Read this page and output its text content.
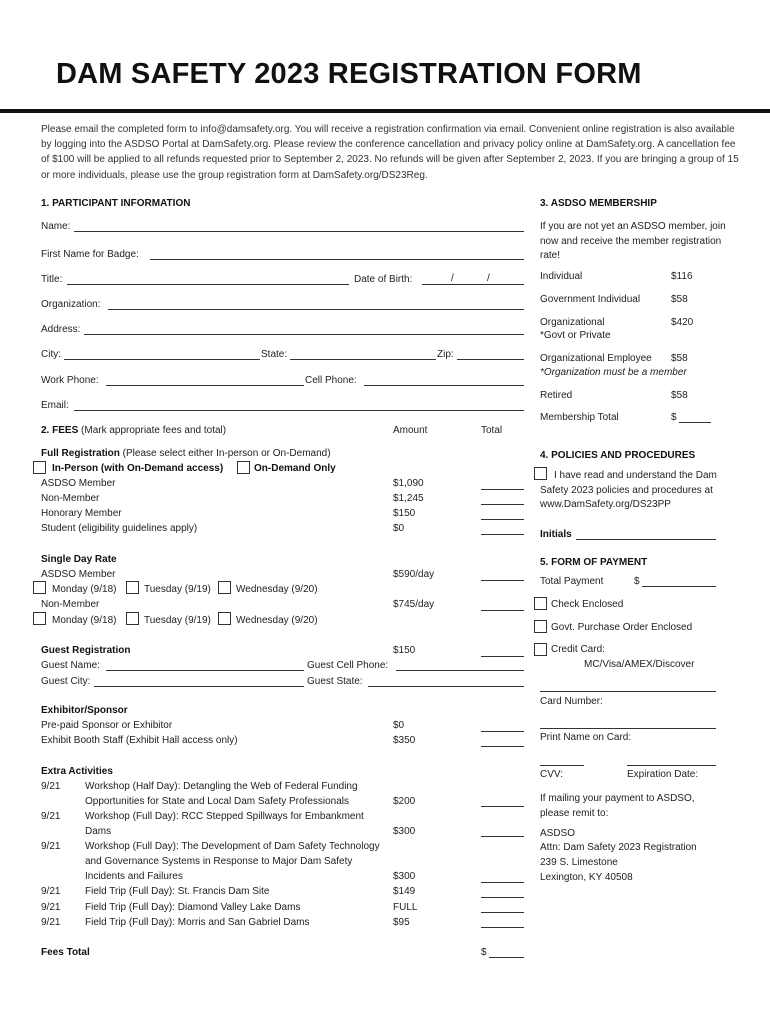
DAM SAFETY 2023 REGISTRATION FORM
Please email the completed form to info@damsafety.org. You will receive a registration confirmation via email. Convenient online registration is also available by logging into the ASDSO Portal at DamSafety.org. Please review the conference cancellation and privacy policy online at DamSafety.org. A cancellation fee of $100 will be applied to all refunds requested prior to September 2, 2023. No refunds will be given after September 2, 2023. If you are bringing a group of 15 or more individuals, please use the group registration form at DamSafety.org/DS23Reg.
1. PARTICIPANT INFORMATION
Name:
First Name for Badge:
Title:	Date of Birth:	/	/
Organization:
Address:
City:	State:	Zip:
Work Phone:	Cell Phone:
Email:
2. FEES (Mark appropriate fees and total)	Amount	Total
Full Registration (Please select either In-person or On-Demand)
In-Person (with On-Demand access)	On-Demand Only
ASDSO Member	$1,090
Non-Member	$1,245
Honorary Member	$150
Student (eligibility guidelines apply)	$0
Single Day Rate
ASDSO Member	$590/day
Monday (9/18)	Tuesday (9/19)	Wednesday (9/20)
Non-Member	$745/day
Monday (9/18)	Tuesday (9/19)	Wednesday (9/20)
Guest Registration	$150
Guest Name:	Guest Cell Phone:
Guest City:	Guest State:
Exhibitor/Sponsor
Pre-paid Sponsor or Exhibitor	$0
Exhibit Booth Staff (Exhibit Hall access only)	$350
Extra Activities
9/21 Workshop (Half Day): Detangling the Web of Federal Funding
Opportunities for State and Local Dam Safety Professionals	$200
9/21 Workshop (Full Day): RCC Stepped Spillways for Embankment
Dams	$300
9/21 Workshop (Full Day): The Development of Dam Safety Technology
and Governance Systems in Response to Major Dam Safety
Incidents and Failures	$300
9/21 Field Trip (Full Day): St. Francis Dam Site	$149
9/21 Field Trip (Full Day): Diamond Valley Lake Dams	FULL
9/21 Field Trip (Full Day): Morris and San Gabriel Dams	$95
Fees Total	$
3. ASDSO MEMBERSHIP
If you are not yet an ASDSO member, join now and receive the member registration rate!
Individual	$116
Government Individual	$58
Organizational	$420
*Govt or Private
Organizational Employee $58
*Organization must be a member
Retired	$58
Membership Total	$
4. POLICIES AND PROCEDURES
I have read and understand the Dam Safety 2023 policies and procedures at www.DamSafety.org/DS23PP
Initials
5. FORM OF PAYMENT
Total Payment	$
Check Enclosed
Govt. Purchase Order Enclosed
Credit Card:
MC/Visa/AMEX/Discover
Card Number:
Print Name on Card:
CVV:	Expiration Date:
If mailing your payment to ASDSO, please remit to:
ASDSO
Attn: Dam Safety 2023 Registration
239 S. Limestone
Lexington, KY 40508
